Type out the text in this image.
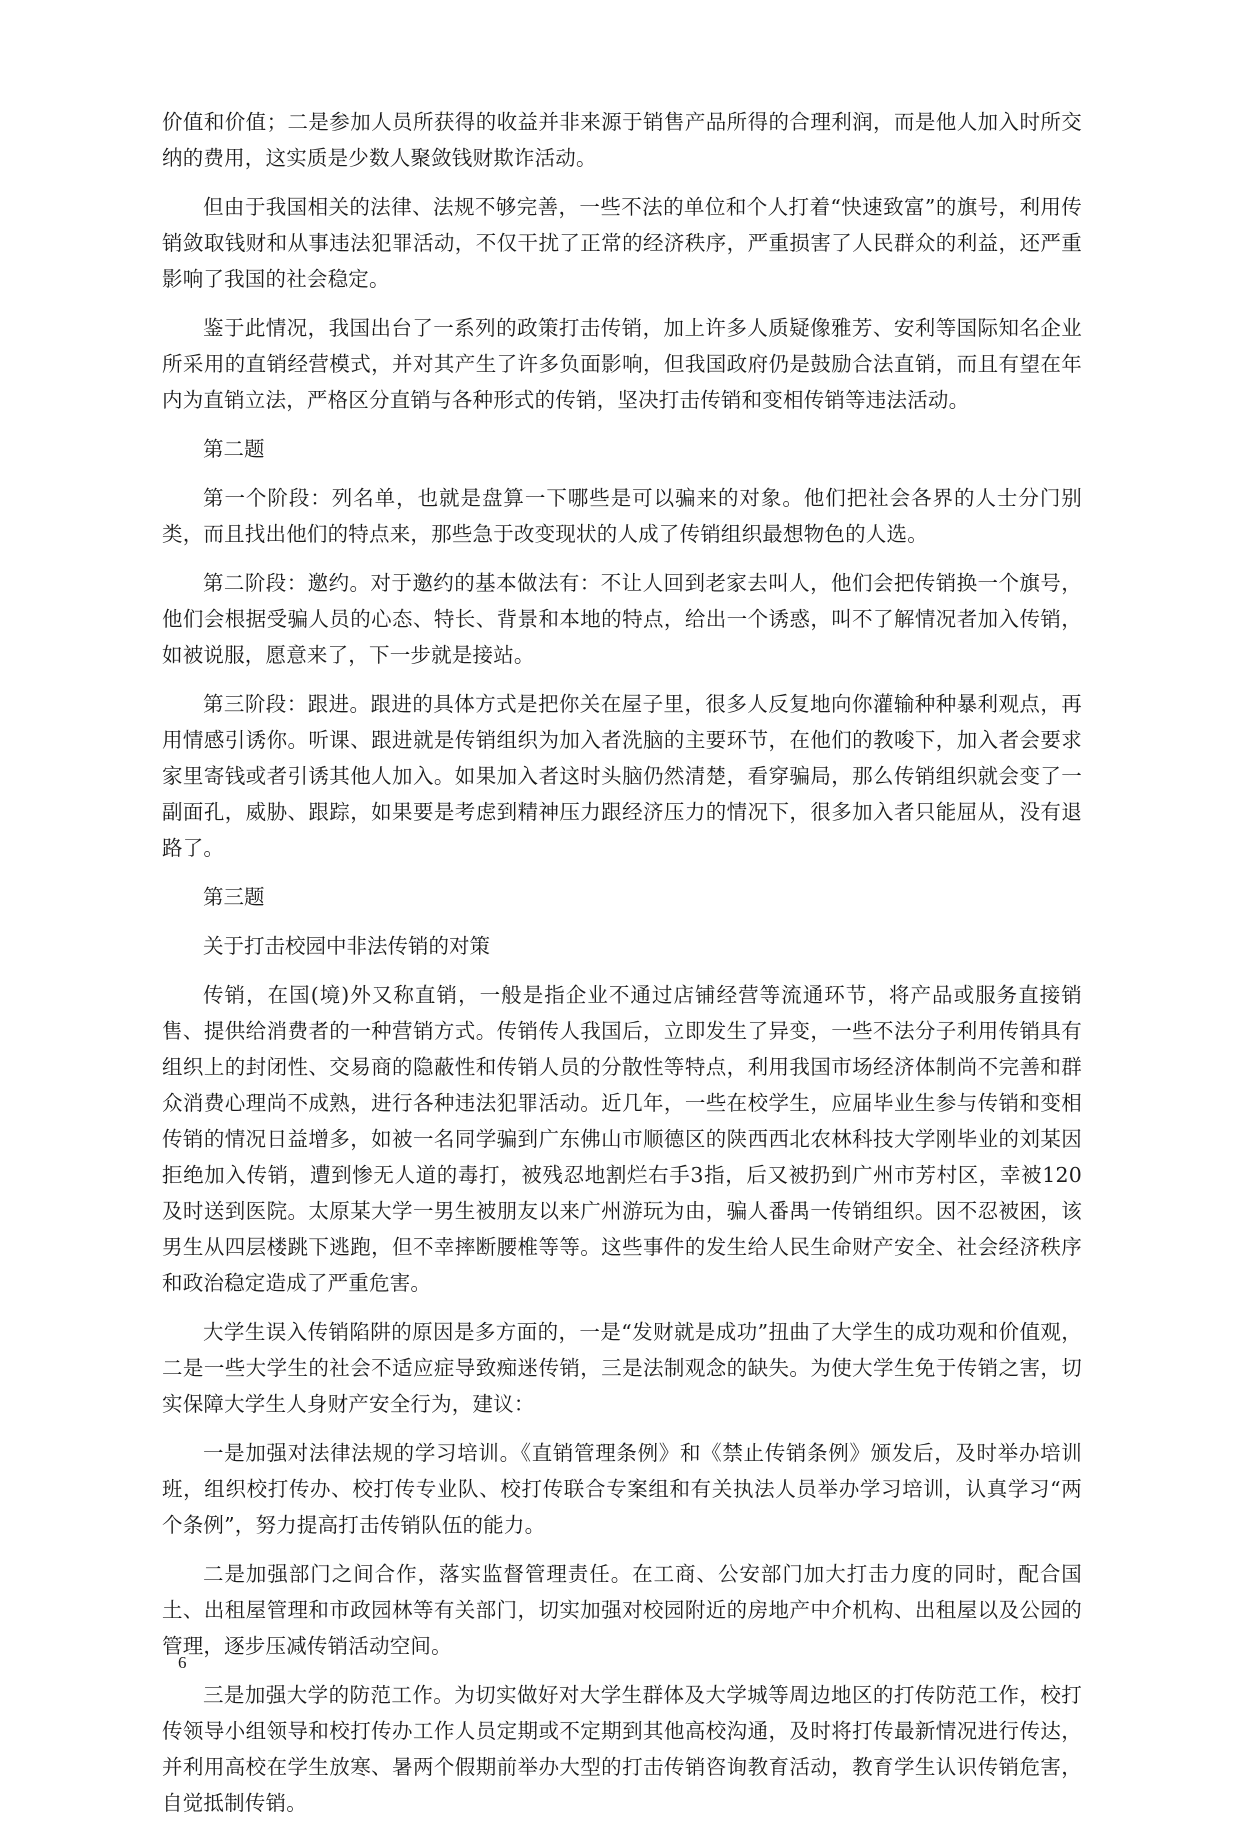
价值和价值；二是参加人员所获得的收益并非来源于销售产品所得的合理利润，而是他人加入时所交纳的费用，这实质是少数人聚敛钱财欺诈活动。

但由于我国相关的法律、法规不够完善，一些不法的单位和个人打着“快速致富”的旗号，利用传销敛取钱财和从事违法犯罪活动，不仅干扰了正常的经济秩序，严重损害了人民群众的利益，还严重影响了我国的社会稳定。

鉴于此情况，我国出台了一系列的政策打击传销，加上许多人质疑像雅芳、安利等国际知名企业所采用的直销经营模式，并对其产生了许多负面影响，但我国政府仍是鼓励合法直销，而且有望在年内为直销立法，严格区分直销与各种形式的传销，坚决打击传销和变相传销等违法活动。

第二题

第一个阶段：列名单，也就是盘算一下哪些是可以骗来的对象。他们把社会各界的人士分门别类，而且找出他们的特点来，那些急于改变现状的人成了传销组织最想物色的人选。

第二阶段：邀约。对于邀约的基本做法有：不让人回到老家去叫人，他们会把传销换一个旗号，他们会根据受骗人员的心态、特长、背景和本地的特点，给出一个诱惑，叫不了解情况者加入传销，如被说服，愿意来了，下一步就是接站。

第三阶段：跟进。跟进的具体方式是把你关在屋子里，很多人反复地向你灌输种种暴利观点，再用情感引诱你。听课、跟进就是传销组织为加入者洗脑的主要环节，在他们的教唆下，加入者会要求家里寄钱或者引诱其他人加入。如果加入者这时头脑仍然清楚，看穿骗局，那么传销组织就会变了一副面孔，威胁、跟踪，如果要是考虑到精神压力跟经济压力的情况下，很多加入者只能屈从，没有退路了。

第三题

关于打击校园中非法传销的对策

传销，在国(境)外又称直销，一般是指企业不通过店铺经营等流通环节，将产品或服务直接销售、提供给消费者的一种营销方式。传销传人我国后，立即发生了异变，一些不法分子利用传销具有组织上的封闭性、交易商的隐蔽性和传销人员的分散性等特点，利用我国市场经济体制尚不完善和群众消费心理尚不成熟，进行各种违法犯罪活动。近几年，一些在校学生，应届毕业生参与传销和变相传销的情况日益增多，如被一名同学骗到广东佛山市顺德区的陕西西北农林科技大学刚毕业的刘某因拒绝加入传销，遭到惨无人道的毒打，被残忍地割烂右手3指，后又被扔到广州市芳村区，幸被120及时送到医院。太原某大学一男生被朋友以来广州游玩为由，骗人番禺一传销组织。因不忍被困，该男生从四层楼跳下逃跑，但不幸摔断腰椎等等。这些事件的发生给人民生命财产安全、社会经济秩序和政治稳定造成了严重危害。

大学生误入传销陷阱的原因是多方面的，一是“发财就是成功”扭曲了大学生的成功观和价值观，二是一些大学生的社会不适应症导致痴迷传销，三是法制观念的缺失。为使大学生免于传销之害，切实保障大学生人身财产安全行为，建议：

一是加强对法律法规的学习培训。《直销管理条例》和《禁止传销条例》颁发后，及时举办培训班，组织校打传办、校打传专业队、校打传联合专案组和有关执法人员举办学习培训，认真学习“两个条例”，努力提高打击传销队伍的能力。

二是加强部门之间合作，落实监督管理责任。在工商、公安部门加大打击力度的同时，配合国土、出租屋管理和市政园林等有关部门，切实加强对校园附近的房地产中介机构、出租屋以及公园的管理，逐步压减传销活动空间。

三是加强大学的防范工作。为切实做好对大学生群体及大学城等周边地区的打传防范工作，校打传领导小组领导和校打传办工作人员定期或不定期到其他高校沟通，及时将打传最新情况进行传达，并利用高校在学生放寒、暑两个假期前举办大型的打击传销咨询教育活动，教育学生认识传销危害，自觉抵制传销。

6
